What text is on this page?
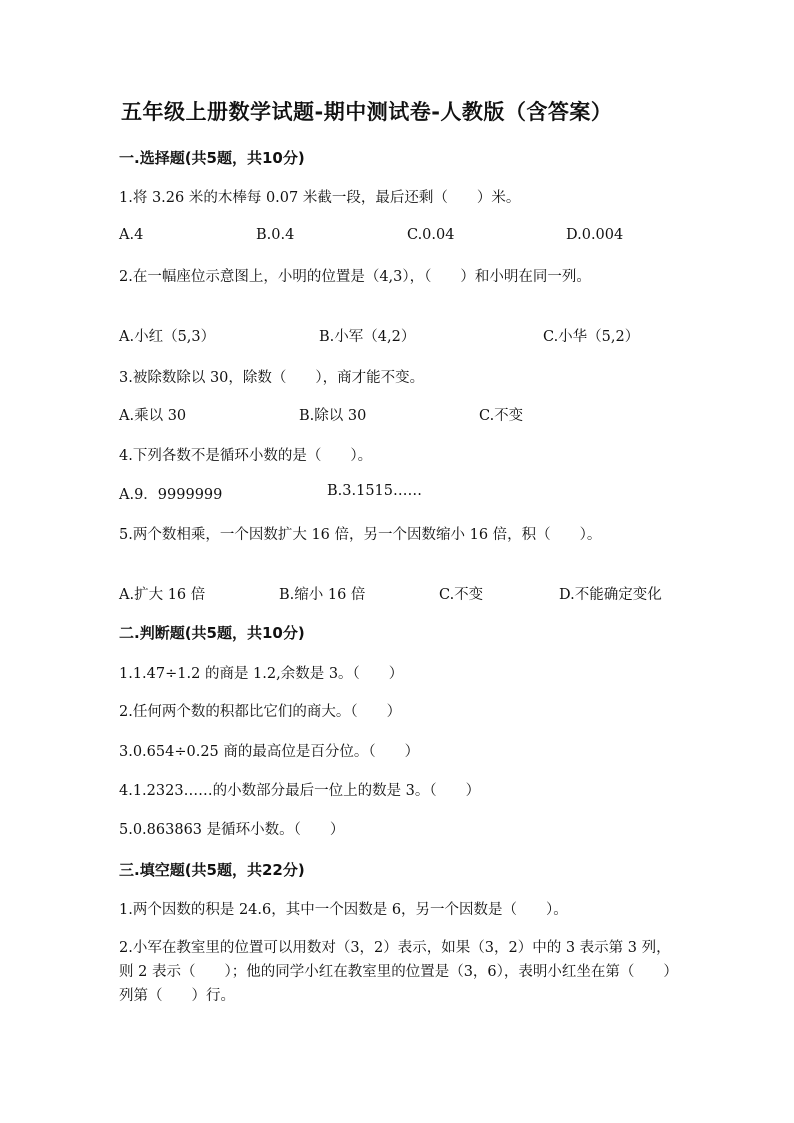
五年级上册数学试题-期中测试卷-人教版（含答案）
一.选择题(共5题，共10分)
1.将 3.26 米的木棒每 0.07 米截一段，最后还剩（　　）米。
A.4	B.0.4	C.0.04	D.0.004
2.在一幅座位示意图上，小明的位置是（4,3），（　　）和小明在同一列。
A.小红（5,3）	B.小军（4,2）	C.小华（5,2）
3.被除数除以 30，除数（　　），商才能不变。
A.乘以 30	B.除以 30	C.不变
4.下列各数不是循环小数的是（　　）。
A.9．9999999	B.3.1515……
5.两个数相乘，一个因数扩大 16 倍，另一个因数缩小 16 倍，积（　　）。
A.扩大 16 倍	B.缩小 16 倍	C.不变	D.不能确定变化
二.判断题(共5题，共10分)
1.1.47÷1.2 的商是 1.2,余数是 3。（　　）
2.任何两个数的积都比它们的商大。（　　）
3.0.654÷0.25 商的最高位是百分位。（　　）
4.1.2323……的小数部分最后一位上的数是 3。（　　）
5.0.863863 是循环小数。（　　）
三.填空题(共5题，共22分)
1.两个因数的积是 24.6，其中一个因数是 6，另一个因数是（　　）。
2.小军在教室里的位置可以用数对（3，2）表示，如果（3，2）中的 3 表示第 3 列，则 2 表示（　　）；他的同学小红在教室里的位置是（3，6），表明小红坐在第（　　）列第（　　）行。
